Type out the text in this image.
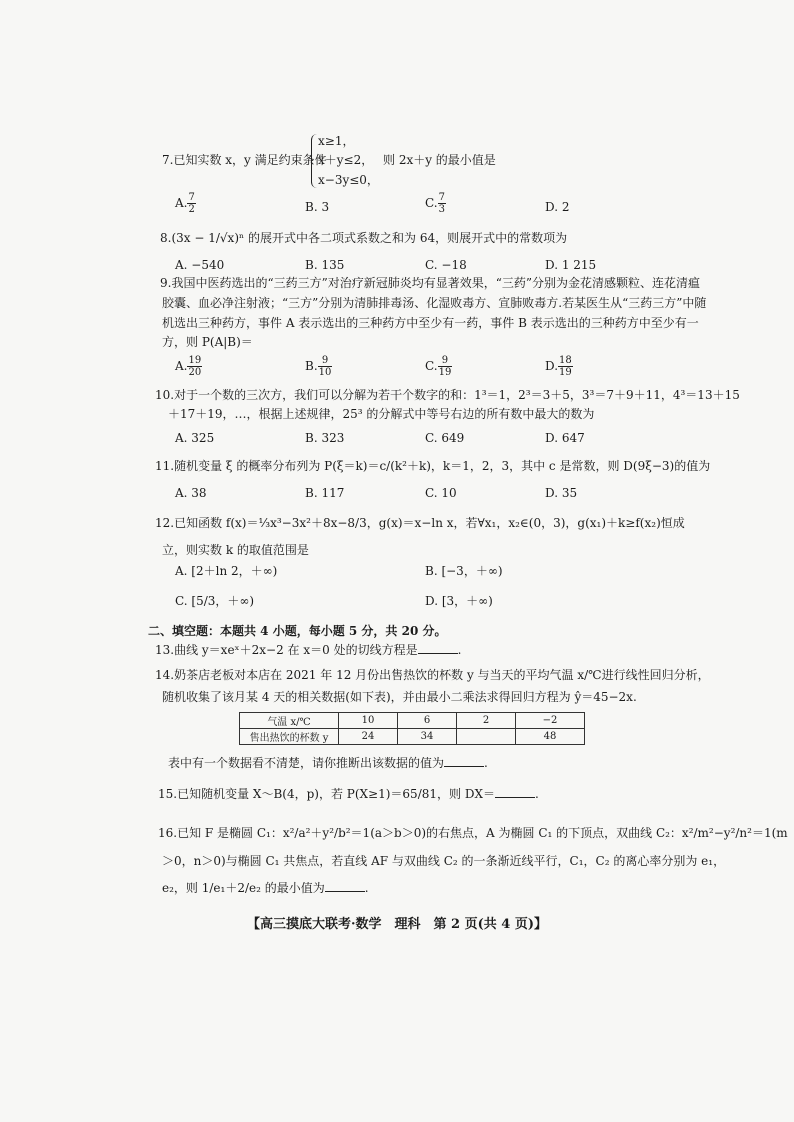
7.已知实数 x，y 满足约束条件
x≥1，
x＋y≤2，
x−3y≤0，
则 2x＋y 的最小值是
A. $\frac{7}{2}$	B. 3	C. $\frac{7}{3}$	D. 2
8.(3x − 1/√x)ⁿ 的展开式中各二项式系数之和为 64，则展开式中的常数项为
A. −540	B. 135	C. −18	D. 1 215
9.我国中医药选出的“三药三方”对治疗新冠肺炎均有显著效果，“三药”分别为金花清感颗粒、连花清瘟
胶囊、血必净注射液；“三方”分别为清肺排毒汤、化湿败毒方、宣肺败毒方.若某医生从“三药三方”中随
机选出三种药方，事件 A 表示选出的三种药方中至少有一药，事件 B 表示选出的三种药方中至少有一
方，则 P(A|B)＝
A. $\frac{19}{20}$	B. $\frac{9}{10}$	C. $\frac{9}{19}$	D. $\frac{18}{19}$
10.对于一个数的三次方，我们可以分解为若干个数字的和：1³＝1，2³＝3＋5，3³＝7＋9＋11，4³＝13＋15
＋17＋19，…，根据上述规律，25³ 的分解式中等号右边的所有数中最大的数为
A. 325	B. 323	C. 649	D. 647
11.随机变量 ξ 的概率分布列为 P(ξ＝k)＝c/(k²＋k)，k＝1，2，3，其中 c 是常数，则 D(9ξ−3)的值为
A. 38	B. 117	C. 10	D. 35
12.已知函数 f(x)＝⅓x³−3x²＋8x−8/3，g(x)＝x−ln x，若∀x₁，x₂∈(0，3)，g(x₁)＋k≥f(x₂)恒成
立，则实数 k 的取值范围是
A. [2＋ln 2，＋∞)	B. [−3，＋∞)
C. [5/3，＋∞)	D. [3，＋∞)
二、填空题：本题共 4 小题，每小题 5 分，共 20 分。
13.曲线 y＝xeˣ＋2x−2 在 x＝0 处的切线方程是	.
14.奶茶店老板对本店在 2021 年 12 月份出售热饮的杯数 y 与当天的平均气温 x/℃进行线性回归分析，
随机收集了该月某 4 天的相关数据(如下表)，并由最小二乘法求得回归方程为 ŷ＝45−2x.
气温 x/℃	10	6	2	−2
售出热饮的杯数 y	24	34		48
表中有一个数据看不清楚，请你推断出该数据的值为	.
15.已知随机变量 X～B(4，p)，若 P(X≥1)＝65/81，则 DX＝	.
16.已知 F 是椭圆 C₁：x²/a²＋y²/b²＝1(a＞b＞0)的右焦点，A 为椭圆 C₁ 的下顶点，双曲线 C₂：x²/m²−y²/n²＝1(m
＞0，n＞0)与椭圆 C₁ 共焦点，若直线 AF 与双曲线 C₂ 的一条渐近线平行，C₁，C₂ 的离心率分别为 e₁，
e₂，则 1/e₁＋2/e₂ 的最小值为	.
【高三摸底大联考·数学　理科　第 2 页(共 4 页)】
